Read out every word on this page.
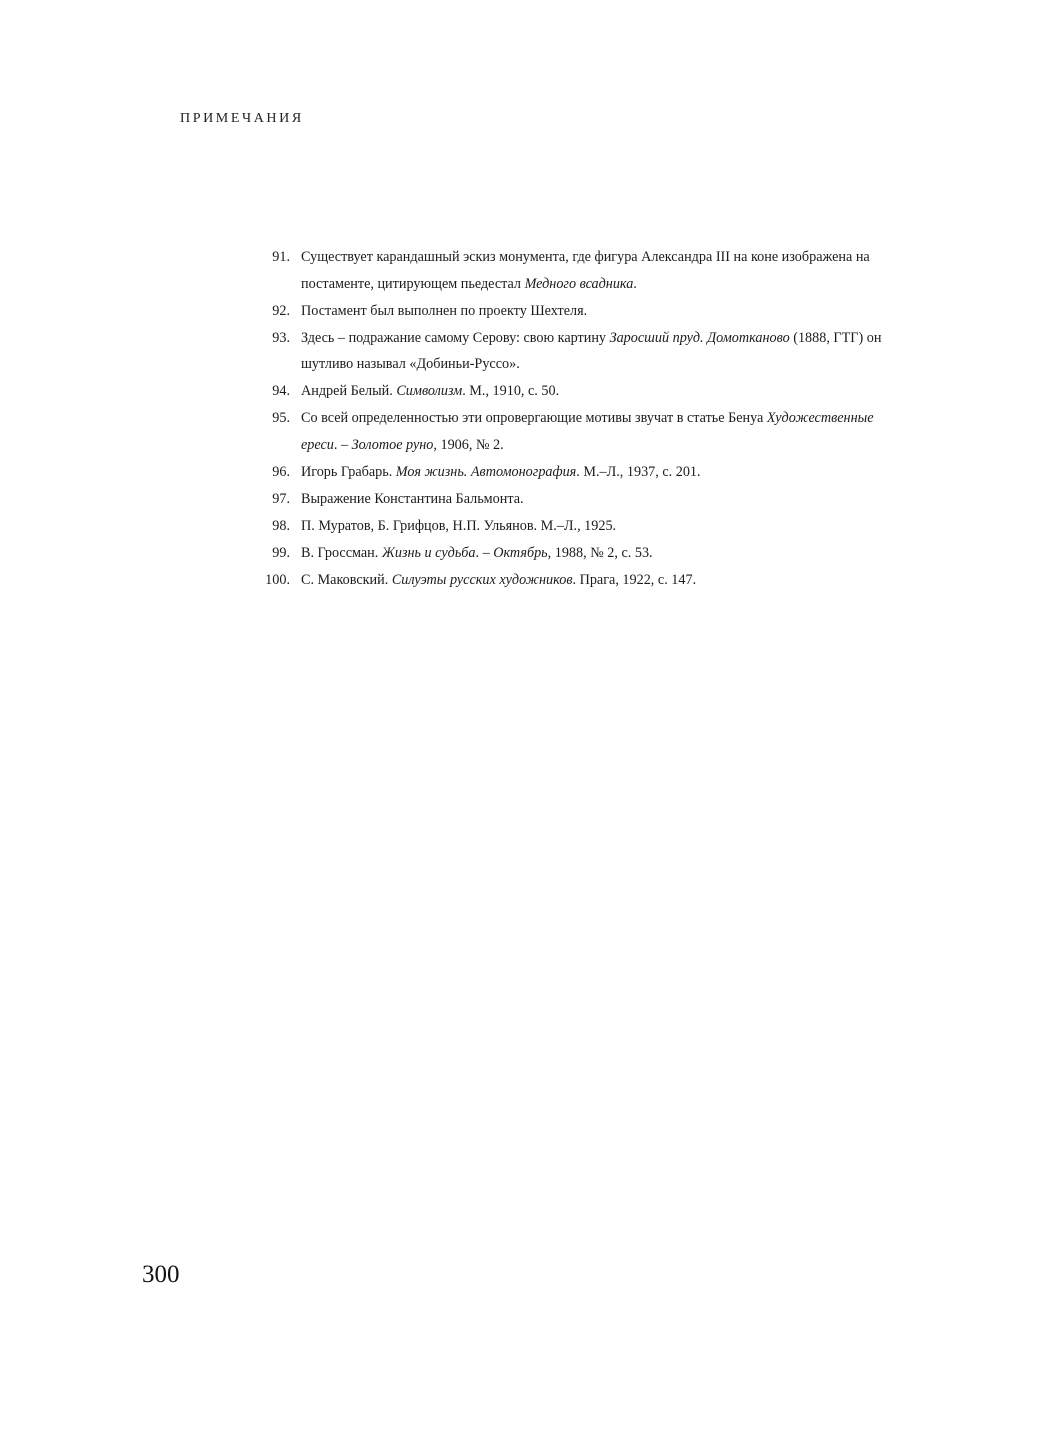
ПРИМЕЧАНИЯ
91. Существует карандашный эскиз монумента, где фигура Александра III на коне изображена на постаменте, цитирующем пьедестал Медного всадника.
92. Постамент был выполнен по проекту Шехтеля.
93. Здесь – подражание самому Серову: свою картину Заросший пруд. Домотканово (1888, ГТГ) он шутливо называл «Добиньи-Руссо».
94. Андрей Белый. Символизм. М., 1910, с. 50.
95. Со всей определенностью эти опровергающие мотивы звучат в статье Бенуа Художественные ереси. – Золотое руно, 1906, № 2.
96. Игорь Грабарь. Моя жизнь. Автомонография. М.–Л., 1937, с. 201.
97. Выражение Константина Бальмонта.
98. П. Муратов, Б. Грифцов, Н.П. Ульянов. М.–Л., 1925.
99. В. Гроссман. Жизнь и судьба. – Октябрь, 1988, № 2, с. 53.
100. С. Маковский. Силуэты русских художников. Прага, 1922, с. 147.
300
